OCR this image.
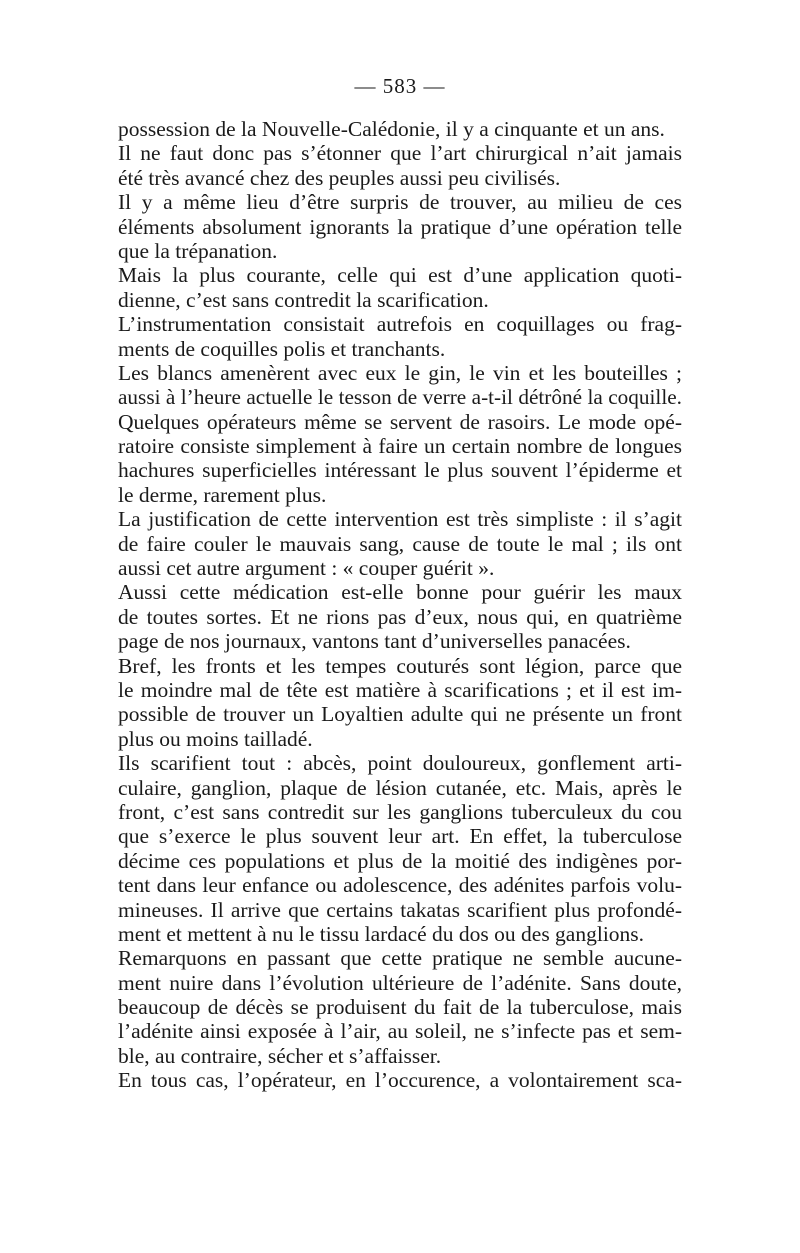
— 583 —
possession de la Nouvelle-Calédonie, il y a cinquante et un ans.
Il ne faut donc pas s’étonner que l’art chirurgical n’ait jamais
été très avancé chez des peuples aussi peu civilisés.
Il y a même lieu d’être surpris de trouver, au milieu de ces
éléments absolument ignorants la pratique d’une opération telle
que la trépanation.
Mais la plus courante, celle qui est d’une application quoti-
dienne, c’est sans contredit la scarification.
L’instrumentation consistait autrefois en coquillages ou frag-
ments de coquilles polis et tranchants.
Les blancs amenèrent avec eux le gin, le vin et les bouteilles ;
aussi à l’heure actuelle le tesson de verre a-t-il détrôné la coquille.
Quelques opérateurs même se servent de rasoirs. Le mode opé-
ratoire consiste simplement à faire un certain nombre de longues
hachures superficielles intéressant le plus souvent l’épiderme et
le derme, rarement plus.
La justification de cette intervention est très simpliste : il s’agit
de faire couler le mauvais sang, cause de toute le mal ; ils ont
aussi cet autre argument : « couper guérit ».
Aussi cette médication est-elle bonne pour guérir les maux
de toutes sortes. Et ne rions pas d’eux, nous qui, en quatrième
page de nos journaux, vantons tant d’universelles panacées.
Bref, les fronts et les tempes couturés sont légion, parce que
le moindre mal de tête est matière à scarifications ; et il est im-
possible de trouver un Loyaltien adulte qui ne présente un front
plus ou moins tailladé.
Ils scarifient tout : abcès, point douloureux, gonflement arti-
culaire, ganglion, plaque de lésion cutanée, etc. Mais, après le
front, c’est sans contredit sur les ganglions tuberculeux du cou
que s’exerce le plus souvent leur art. En effet, la tuberculose
décime ces populations et plus de la moitié des indigènes por-
tent dans leur enfance ou adolescence, des adénites parfois volu-
mineuses. Il arrive que certains takatas scarifient plus profondé-
ment et mettent à nu le tissu lardacé du dos ou des ganglions.
Remarquons en passant que cette pratique ne semble aucune-
ment nuire dans l’évolution ultérieure de l’adénite. Sans doute,
beaucoup de décès se produisent du fait de la tuberculose, mais
l’adénite ainsi exposée à l’air, au soleil, ne s’infecte pas et sem-
ble, au contraire, sécher et s’affaisser.
En tous cas, l’opérateur, en l’occurence, a volontairement sca-
